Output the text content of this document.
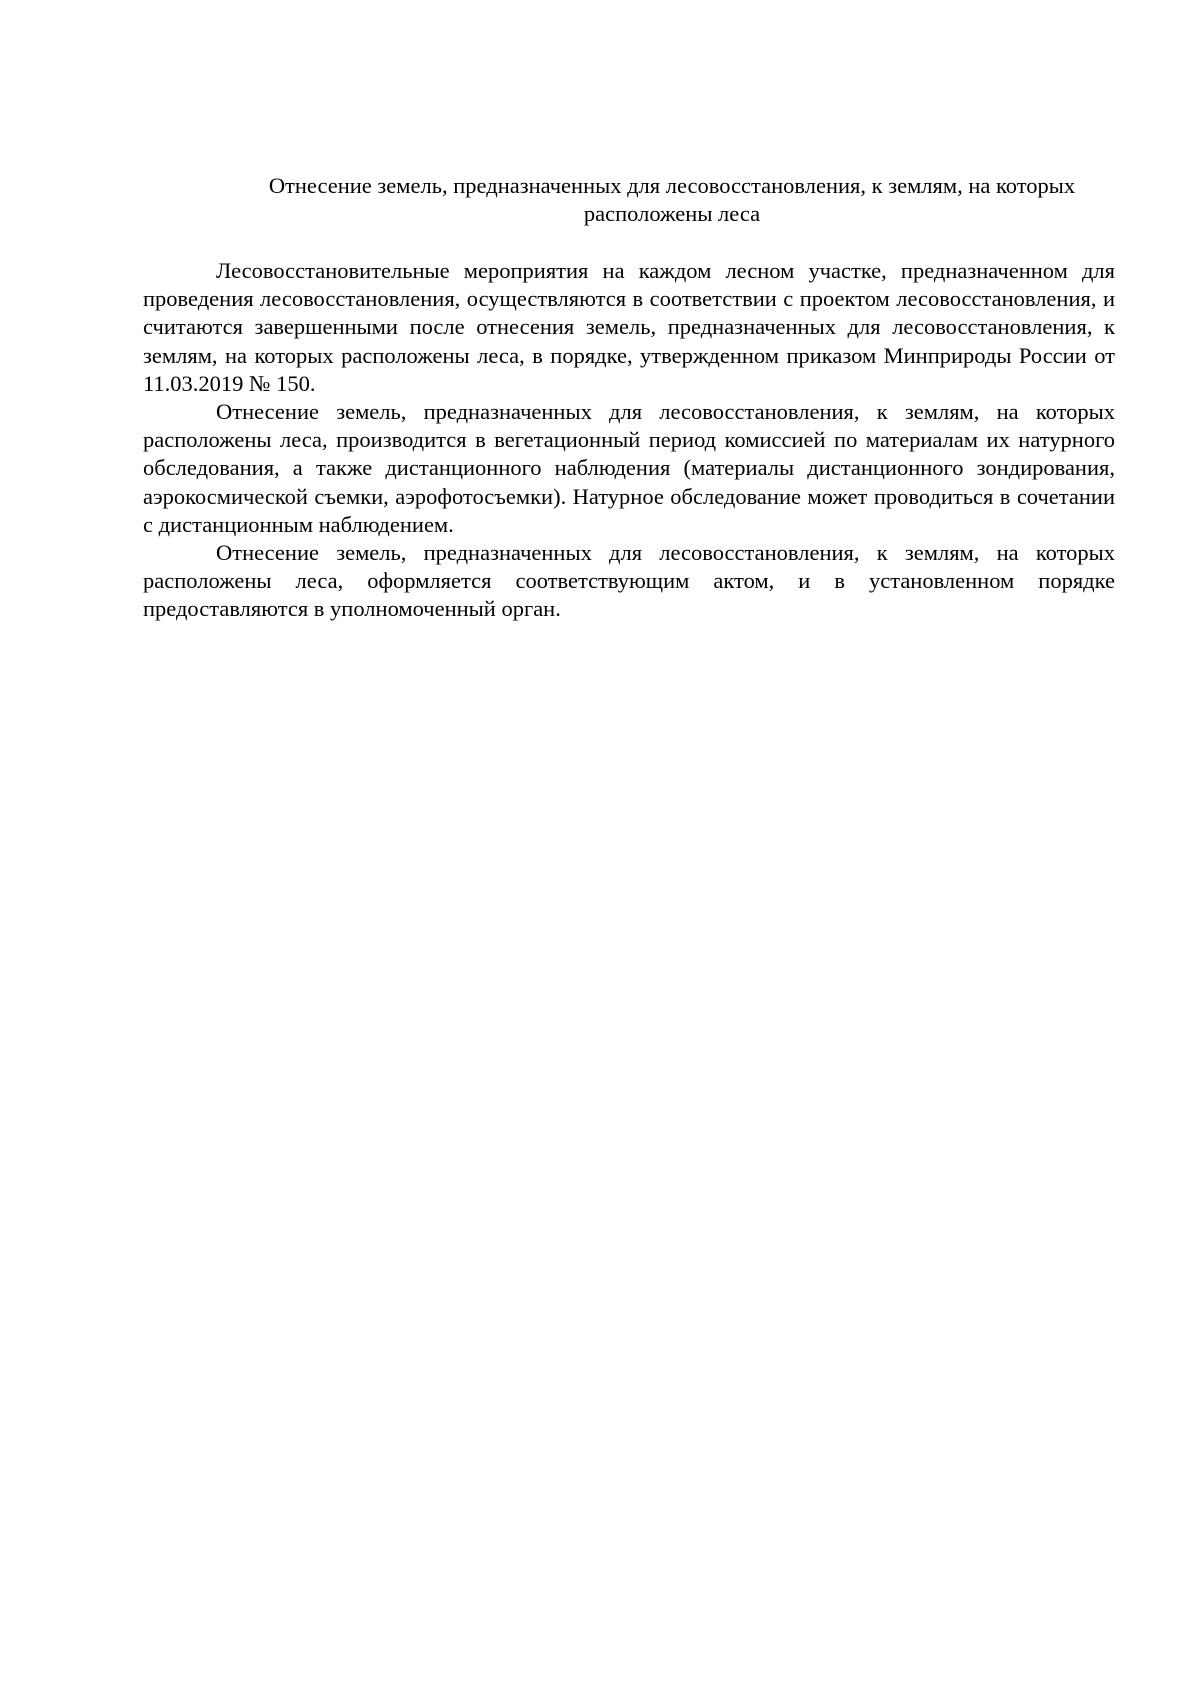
Отнесение земель, предназначенных для лесовосстановления, к землям, на которых расположены леса

Лесовосстановительные мероприятия на каждом лесном участке, предназначенном для проведения лесовосстановления, осуществляются в соответствии с проектом лесовосстановления, и считаются завершенными после отнесения земель, предназначенных для лесовосстановления, к землям, на которых расположены леса, в порядке, утвержденном приказом Минприроды России от 11.03.2019 № 150.

Отнесение земель, предназначенных для лесовосстановления, к землям, на которых расположены леса, производится в вегетационный период комиссией по материалам их натурного обследования, а также дистанционного наблюдения (материалы дистанционного зондирования, аэрокосмической съемки, аэрофотосъемки). Натурное обследование может проводиться в сочетании с дистанционным наблюдением.

Отнесение земель, предназначенных для лесовосстановления, к землям, на которых расположены леса, оформляется соответствующим актом, и в установленном порядке предоставляются в уполномоченный орган.
